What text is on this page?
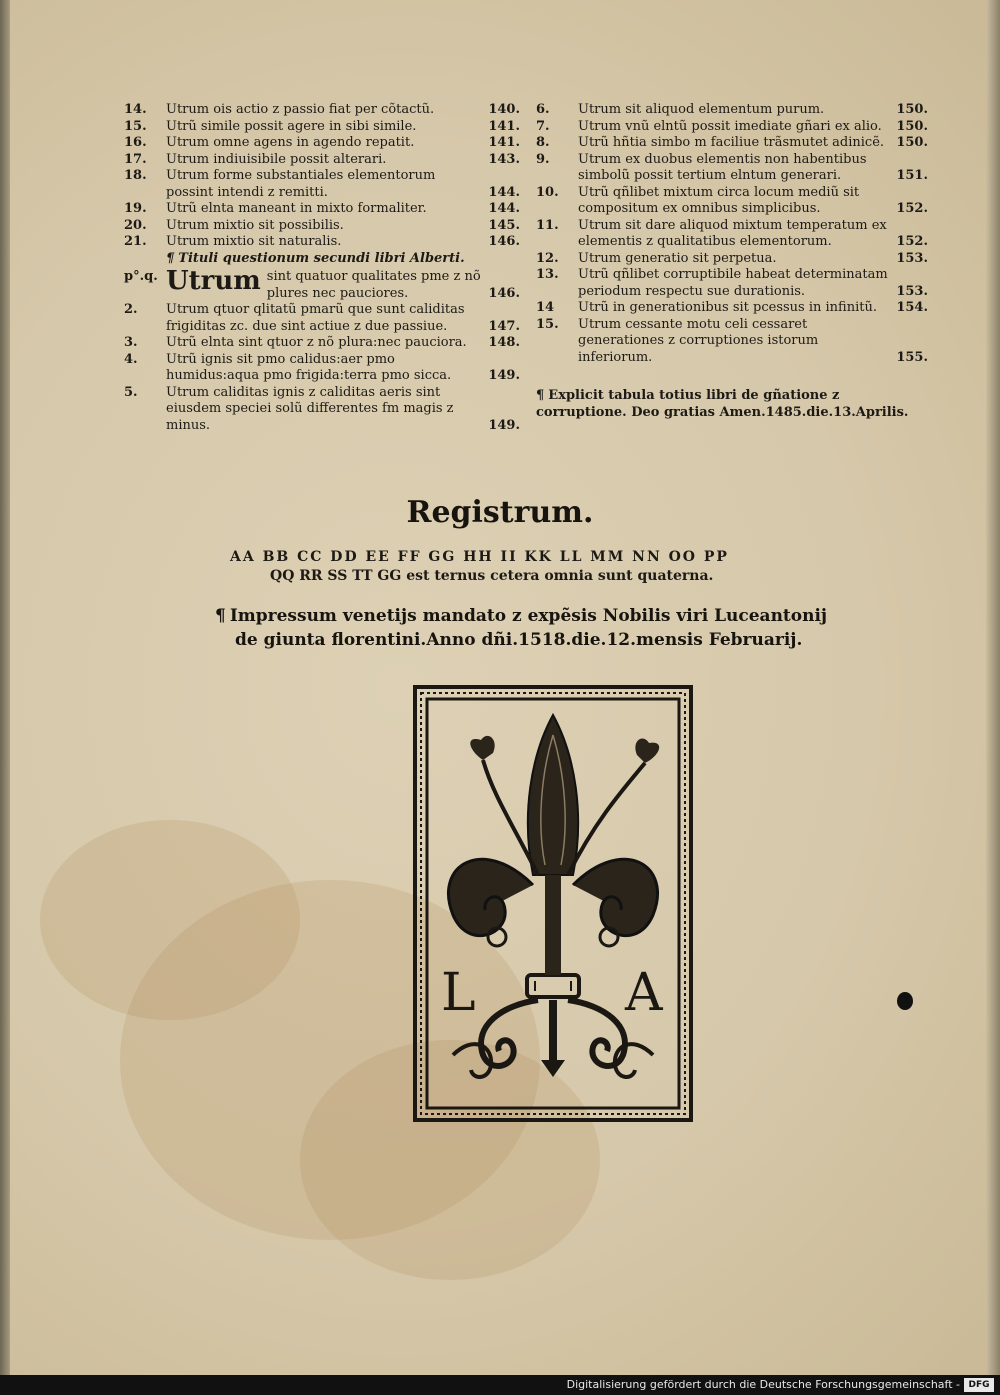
14.	Utrum ois actio z passio fiat per cõtactũ.	140.
15.	Utrũ simile possit agere in sibi simile.	141.
16.	Utrum omne agens in agendo repatit.	141.
17.	Utrum indiuisibile possit alterari.	143.
18.	Utrum forme substantiales elementorum possint intendi z remitti.	144.
19.	Utrũ elnta maneant in mixto formaliter.	144.
20.	Utrum mixtio sit possibilis.	145.
21.	Utrum mixtio sit naturalis.	146.
¶ Tituli questionum secundi libri Alberti.
p°.q. Utrum sint quatuor qualitates pme z nõ plures nec pauciores.	146.
2.	Utrum qtuor qlitatũ pmarũ que sunt caliditas frigiditas zc. due sint actiue z due passiue.	147.
3.	Utrũ elnta sint qtuor z nõ plura:nec pauciora.	148.
4.	Utrũ ignis sit pmo calidus:aer pmo humidus:aqua pmo frigida:terra pmo sicca.	149.
5.	Utrum caliditas ignis z caliditas aeris sint eiusdem speciei solũ differentes fm magis z minus.	149.
6.	Utrum sit aliquod elementum purum.	150.
7.	Utrum vnũ elntũ possit imediate gñari ex alio.	150.
8.	Utrũ hñtia simbo m faciliue trãsmutet adinicẽ. 150.
9.	Utrum ex duobus elementis non habentibus simbolũ possit tertium elntum generari.	151.
10.	Utrũ qñlibet mixtum circa locum mediũ sit compositum ex omnibus simplicibus.	152.
11.	Utrum sit dare aliquod mixtum temperatum ex elementis z qualitatibus elementorum.	152.
12.	Utrum generatio sit perpetua.	153.
13.	Utrũ qñlibet corruptibile habeat determinatam periodum respectu sue durationis.	153.
14	Utrũ in generationibus sit pcessus in infinitũ.	154.
15.	Utrum cessante motu celi cessaret generationes z corruptiones istorum inferiorum.	155.
¶ Explicit tabula totius libri de gñatione z corruptione. Deo gratias Amen.1485.die.13.Aprilis.
Registrum.
AA BB CC DD EE FF GG HH II KK LL MM NN OO PP
QQ RR SS TT GG est ternus cetera omnia sunt quaterna.
¶ Impressum venetijs mandato z expẽsis Nobilis viri Luceantonij
de giunta florentini.Anno dñi.1518.die.12.mensis Februarij.
L	A
Digitalisierung gefördert durch die Deutsche Forschungsgemeinschaft - DFG
